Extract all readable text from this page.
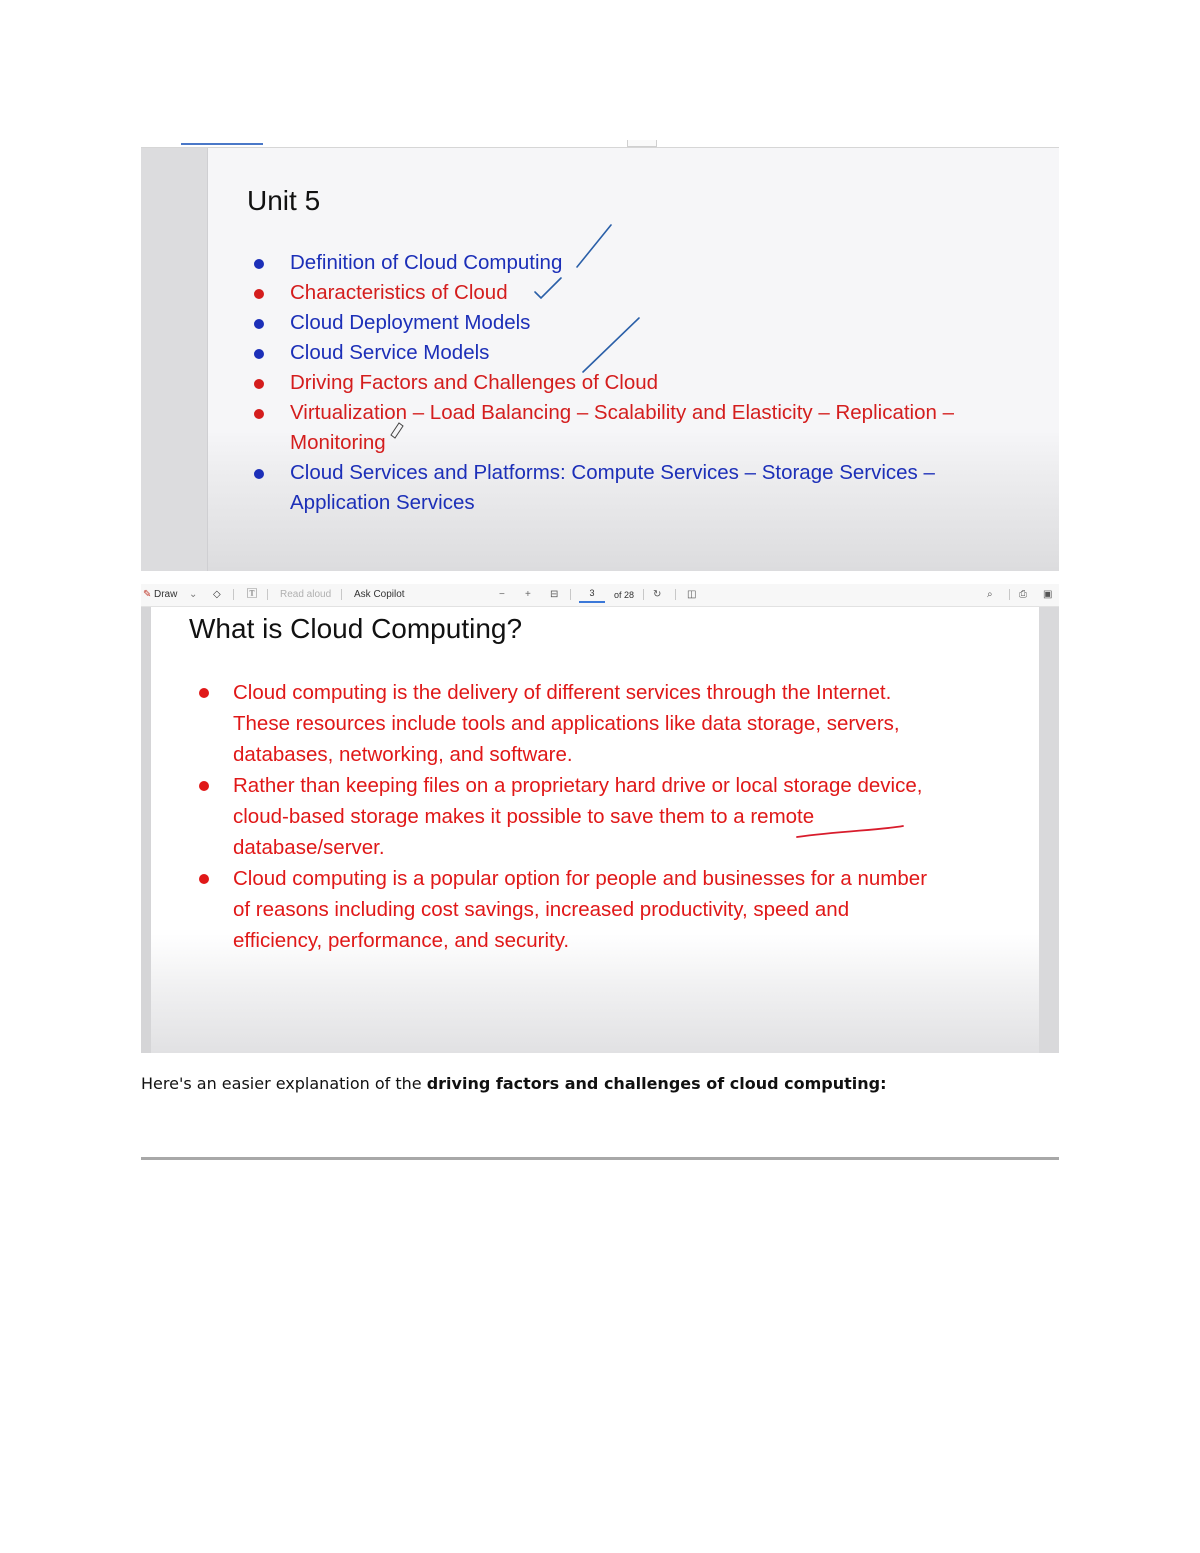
Unit 5
Definition of Cloud Computing
Characteristics of Cloud
Cloud Deployment Models
Cloud Service Models
Driving Factors and Challenges of Cloud
Virtualization – Load Balancing – Scalability and Elasticity – Replication –
Monitoring
Cloud Services and Platforms: Compute Services – Storage Services –
Application Services
✎ Draw ⌄ ◇	🅃 Read aloud Ask Copilot	− + ⊟	3	of 28 ↻	◫	⌕	⎙ ▣
What is Cloud Computing?
Cloud computing is the delivery of different services through the Internet.
These resources include tools and applications like data storage, servers,
databases, networking, and software.
Rather than keeping files on a proprietary hard drive or local storage device,
cloud-based storage makes it possible to save them to a remote
database/server.
Cloud computing is a popular option for people and businesses for a number
of reasons including cost savings, increased productivity, speed and
efficiency, performance, and security.
Here's an easier explanation of the driving factors and challenges of cloud computing:
